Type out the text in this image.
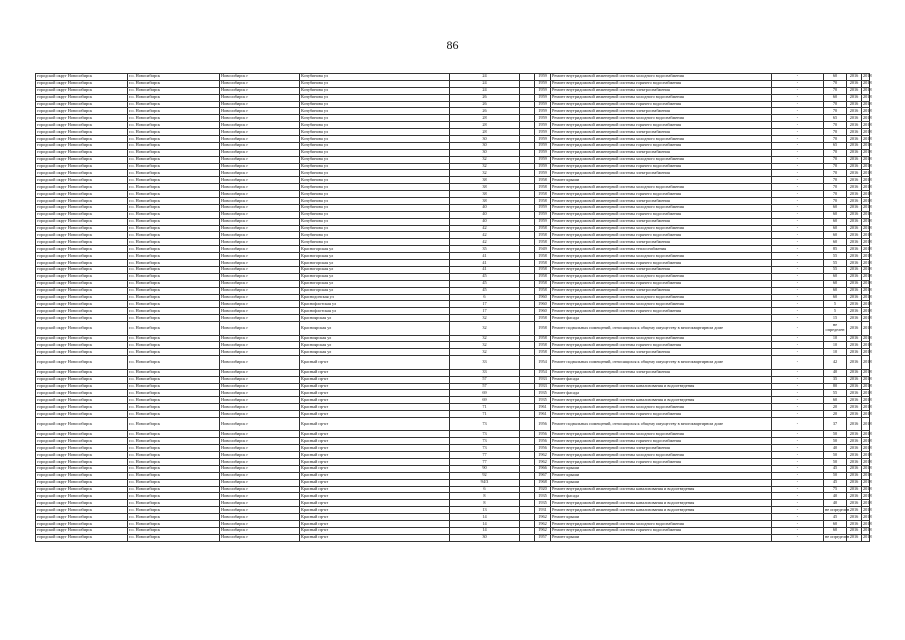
86
городской округ Новосибирск	г.о. Новосибирск	Новосибирск г	Кочубинова ул	24		1959	Ремонт внутридомовой инженерной системы холодного водоснабжения	-	60	2016	2018
городской округ Новосибирск	г.о. Новосибирск	Новосибирск г	Кочубинова ул	24		1959	Ремонт внутридомовой инженерной системы горячего водоснабжения	-	70	2016	2018
городской округ Новосибирск	г.о. Новосибирск	Новосибирск г	Кочубинова ул	24		1959	Ремонт внутридомовой инженерной системы электроснабжения	-	70	2016	2018
городской округ Новосибирск	г.о. Новосибирск	Новосибирск г	Кочубинова ул	26		1959	Ремонт внутридомовой инженерной системы холодного водоснабжения	-	60	2016	2018
городской округ Новосибирск	г.о. Новосибирск	Новосибирск г	Кочубинова ул	26		1959	Ремонт внутридомовой инженерной системы горячего водоснабжения	-	70	2016	2018
городской округ Новосибирск	г.о. Новосибирск	Новосибирск г	Кочубинова ул	26		1959	Ремонт внутридомовой инженерной системы электроснабжения	-	70	2016	2018
городской округ Новосибирск	г.о. Новосибирск	Новосибирск г	Кочубинова ул	28		1959	Ремонт внутридомовой инженерной системы холодного водоснабжения	-	65	2016	2018
городской округ Новосибирск	г.о. Новосибирск	Новосибирск г	Кочубинова ул	28		1959	Ремонт внутридомовой инженерной системы горячего водоснабжения	-	70	2016	2018
городской округ Новосибирск	г.о. Новосибирск	Новосибирск г	Кочубинова ул	28		1959	Ремонт внутридомовой инженерной системы электроснабжения	-	70	2016	2018
городской округ Новосибирск	г.о. Новосибирск	Новосибирск г	Кочубинова ул	30		1959	Ремонт внутридомовой инженерной системы холодного водоснабжения	-	70	2016	2018
городской округ Новосибирск	г.о. Новосибирск	Новосибирск г	Кочубинова ул	30		1959	Ремонт внутридомовой инженерной системы горячего водоснабжения	-	65	2016	2018
городской округ Новосибирск	г.о. Новосибирск	Новосибирск г	Кочубинова ул	30		1959	Ремонт внутридомовой инженерной системы электроснабжения	-	70	2016	2018
городской округ Новосибирск	г.о. Новосибирск	Новосибирск г	Кочубинова ул	32		1959	Ремонт внутридомовой инженерной системы холодного водоснабжения	-	70	2016	2018
городской округ Новосибирск	г.о. Новосибирск	Новосибирск г	Кочубинова ул	32		1959	Ремонт внутридомовой инженерной системы горячего водоснабжения	-	70	2016	2018
городской округ Новосибирск	г.о. Новосибирск	Новосибирск г	Кочубинова ул	32		1959	Ремонт внутридомовой инженерной системы электроснабжения	-	70	2016	2018
городской округ Новосибирск	г.о. Новосибирск	Новосибирск г	Кочубинова ул	38		1958	Ремонт крыши	-	70	2016	2018
городской округ Новосибирск	г.о. Новосибирск	Новосибирск г	Кочубинова ул	38		1958	Ремонт внутридомовой инженерной системы холодного водоснабжения	-	70	2016	2018
городской округ Новосибирск	г.о. Новосибирск	Новосибирск г	Кочубинова ул	38		1958	Ремонт внутридомовой инженерной системы горячего водоснабжения	-	70	2016	2018
городской округ Новосибирск	г.о. Новосибирск	Новосибирск г	Кочубинова ул	38		1958	Ремонт внутридомовой инженерной системы электроснабжения	-	70	2016	2018
городской округ Новосибирск	г.о. Новосибирск	Новосибирск г	Кочубинова ул	40		1959	Ремонт внутридомовой инженерной системы холодного водоснабжения	-	60	2016	2018
городской округ Новосибирск	г.о. Новосибирск	Новосибирск г	Кочубинова ул	40		1959	Ремонт внутридомовой инженерной системы горячего водоснабжения	-	60	2016	2018
городской округ Новосибирск	г.о. Новосибирск	Новосибирск г	Кочубинова ул	40		1959	Ремонт внутридомовой инженерной системы электроснабжения	-	60	2016	2018
городской округ Новосибирск	г.о. Новосибирск	Новосибирск г	Кочубинова ул	42		1958	Ремонт внутридомовой инженерной системы холодного водоснабжения	-	60	2016	2018
городской округ Новосибирск	г.о. Новосибирск	Новосибирск г	Кочубинова ул	42		1958	Ремонт внутридомовой инженерной системы горячего водоснабжения	-	60	2016	2018
городской округ Новосибирск	г.о. Новосибирск	Новосибирск г	Кочубинова ул	42		1958	Ремонт внутридомовой инженерной системы электроснабжения	-	60	2016	2018
городской округ Новосибирск	г.о. Новосибирск	Новосибирск г	Красногорская ул	35		1949	Ремонт внутридомовой инженерной системы теплоснабжения	-	85	2016	2018
городской округ Новосибирск	г.о. Новосибирск	Новосибирск г	Красногорская ул	41		1958	Ремонт внутридомовой инженерной системы холодного водоснабжения	-	55	2016	2018
городской округ Новосибирск	г.о. Новосибирск	Новосибирск г	Красногорская ул	41		1958	Ремонт внутридомовой инженерной системы горячего водоснабжения	-	55	2016	2018
городской округ Новосибирск	г.о. Новосибирск	Новосибирск г	Красногорская ул	41		1958	Ремонт внутридомовой инженерной системы электроснабжения	-	55	2016	2018
городской округ Новосибирск	г.о. Новосибирск	Новосибирск г	Красногорская ул	45		1958	Ремонт внутридомовой инженерной системы холодного водоснабжения	-	60	2016	2018
городской округ Новосибирск	г.о. Новосибирск	Новосибирск г	Красногорская ул	45		1958	Ремонт внутридомовой инженерной системы горячего водоснабжения	-	60	2016	2018
городской округ Новосибирск	г.о. Новосибирск	Новосибирск г	Красногорская ул	45		1958	Ремонт внутридомовой инженерной системы электроснабжения	-	60	2016	2018
городской округ Новосибирск	г.о. Новосибирск	Новосибирск г	Краснодонская ул	6		1960	Ремонт внутридомовой инженерной системы холодного водоснабжения	-	60	2016	2018
городской округ Новосибирск	г.о. Новосибирск	Новосибирск г	Краснофлотская ул	17		1960	Ремонт внутридомовой инженерной системы холодного водоснабжения	-	5	2016	2018
городской округ Новосибирск	г.о. Новосибирск	Новосибирск г	Краснофлотская ул	17		1960	Ремонт внутридомовой инженерной системы горячего водоснабжения	-	5	2016	2018
городской округ Новосибирск	г.о. Новосибирск	Новосибирск г	Красноярская ул	32		1958	Ремонт фасада	-	15	2016	2018
городской округ Новосибирск	г.о. Новосибирск	Новосибирск г	Красноярская ул	32		1958	Ремонт подвальных помещений, относящихся к общему имуществу в многоквартирном доме	-	не определен	2016	2018
городской округ Новосибирск	г.о. Новосибирск	Новосибирск г	Красноярская ул	32		1958	Ремонт внутридомовой инженерной системы холодного водоснабжения	-	10	2016	2018
городской округ Новосибирск	г.о. Новосибирск	Новосибирск г	Красноярская ул	32		1958	Ремонт внутридомовой инженерной системы горячего водоснабжения	-	10	2016	2018
городской округ Новосибирск	г.о. Новосибирск	Новосибирск г	Красноярская ул	32		1958	Ремонт внутридомовой инженерной системы электроснабжения	-	10	2016	2018
городской округ Новосибирск	г.о. Новосибирск	Новосибирск г	Красный пр-кт	33		1954	Ремонт подвальных помещений, относящихся к общему имуществу в многоквартирном доме	-	42	2016	2018
городской округ Новосибирск	г.о. Новосибирск	Новосибирск г	Красный пр-кт	33		1954	Ремонт внутридомовой инженерной системы электроснабжения	-	40	2016	2018
городской округ Новосибирск	г.о. Новосибирск	Новосибирск г	Красный пр-кт	57		1933	Ремонт фасада	-	35	2016	2018
городской округ Новосибирск	г.о. Новосибирск	Новосибирск г	Красный пр-кт	57		1933	Ремонт внутридомовой инженерной системы канализования и водоотведения	-	80	2016	2018
городской округ Новосибирск	г.о. Новосибирск	Новосибирск г	Красный пр-кт	69		1935	Ремонт фасада	-	55	2016	2018
городской округ Новосибирск	г.о. Новосибирск	Новосибирск г	Красный пр-кт	69		1935	Ремонт внутридомовой инженерной системы канализования и водоотведения	-	60	2016	2018
городской округ Новосибирск	г.о. Новосибирск	Новосибирск г	Красный пр-кт	71		1961	Ремонт внутридомовой инженерной системы холодного водоснабжения	-	20	2016	2018
городской округ Новосибирск	г.о. Новосибирск	Новосибирск г	Красный пр-кт	71		1961	Ремонт внутридомовой инженерной системы горячего водоснабжения	-	20	2016	2018
городской округ Новосибирск	г.о. Новосибирск	Новосибирск г	Красный пр-кт	73		1956	Ремонт подвальных помещений, относящихся к общему имуществу в многоквартирном доме	-	37	2016	2018
городской округ Новосибирск	г.о. Новосибирск	Новосибирск г	Красный пр-кт	73		1956	Ремонт внутридомовой инженерной системы холодного водоснабжения	-	50	2016	2018
городской округ Новосибирск	г.о. Новосибирск	Новосибирск г	Красный пр-кт	73		1956	Ремонт внутридомовой инженерной системы горячего водоснабжения	-	50	2016	2018
городской округ Новосибирск	г.о. Новосибирск	Новосибирск г	Красный пр-кт	73		1956	Ремонт внутридомовой инженерной системы электроснабжения	-	40	2016	2018
городской округ Новосибирск	г.о. Новосибирск	Новосибирск г	Красный пр-кт	77		1962	Ремонт внутридомовой инженерной системы холодного водоснабжения	-	50	2016	2018
городской округ Новосибирск	г.о. Новосибирск	Новосибирск г	Красный пр-кт	77		1962	Ремонт внутридомовой инженерной системы горячего водоснабжения	-	50	2016	2018
городской округ Новосибирск	г.о. Новосибирск	Новосибирск г	Красный пр-кт	90		1966	Ремонт крыши	-	45	2016	2018
городской округ Новосибирск	г.о. Новосибирск	Новосибирск г	Красный пр-кт	92		1967	Ремонт крыши	-	50	2016	2018
городской округ Новосибирск	г.о. Новосибирск	Новосибирск г	Красный пр-кт	94/3		1968	Ремонт крыши	-	45	2016	2018
городской округ Новосибирск	г.о. Новосибирск	Новосибирск г	Красный пр-кт	6		1920	Ремонт внутридомовой инженерной системы канализования и водоотведения	-	75	2016	2018
городской округ Новосибирск	г.о. Новосибирск	Новосибирск г	Красный пр-кт	8		1935	Ремонт фасада	-	40	2016	2018
городской округ Новосибирск	г.о. Новосибирск	Новосибирск г	Красный пр-кт	8		1935	Ремонт внутридомовой инженерной системы канализования и водоотведения	-	40	2016	2018
городской округ Новосибирск	г.о. Новосибирск	Новосибирск г	Красный пр-кт	13		1931	Ремонт внутридомовой инженерной системы канализования и водоотведения	-	не определен	2016	2018
городской округ Новосибирск	г.о. Новосибирск	Новосибирск г	Красный пр-кт	14		1962	Ремонт крыши	-	45	2016	2018
городской округ Новосибирск	г.о. Новосибирск	Новосибирск г	Красный пр-кт	14		1962	Ремонт внутридомовой инженерной системы холодного водоснабжения	-	60	2016	2018
городской округ Новосибирск	г.о. Новосибирск	Новосибирск г	Красный пр-кт	14		1962	Ремонт внутридомовой инженерной системы горячего водоснабжения	-	60	2016	2018
городской округ Новосибирск	г.о. Новосибирск	Новосибирск г	Красный пр-кт	30		1957	Ремонт крыши	-	не определен	2016	2018
